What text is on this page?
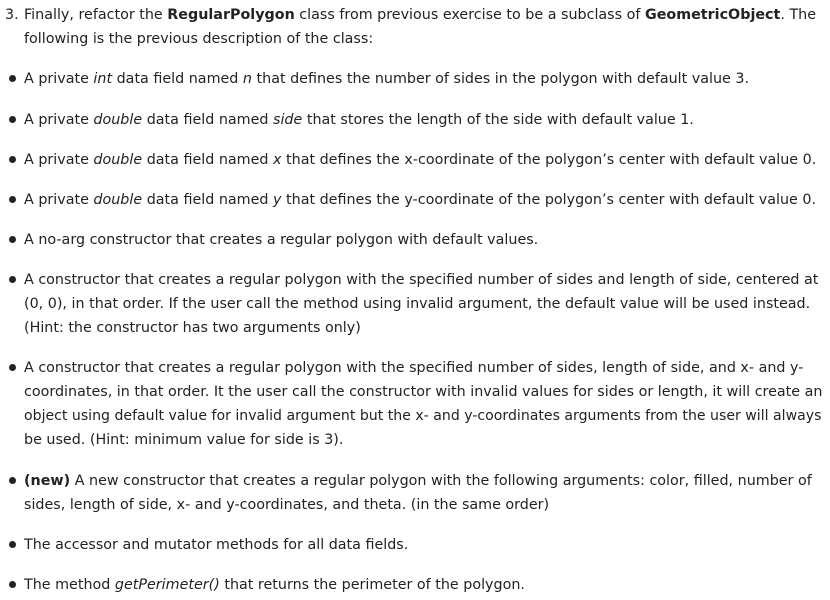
3. Finally, refactor the RegularPolygon class from previous exercise to be a subclass of GeometricObject. The
following is the previous description of the class:
A private int data field named n that defines the number of sides in the polygon with default value 3.
A private double data field named side that stores the length of the side with default value 1.
A private double data field named x that defines the x-coordinate of the polygon’s center with default value 0.
A private double data field named y that defines the y-coordinate of the polygon’s center with default value 0.
A no-arg constructor that creates a regular polygon with default values.
A constructor that creates a regular polygon with the specified number of sides and length of side, centered at
(0, 0), in that order. If the user call the method using invalid argument, the default value will be used instead.
(Hint: the constructor has two arguments only)
A constructor that creates a regular polygon with the specified number of sides, length of side, and x- and y-
coordinates, in that order. It the user call the constructor with invalid values for sides or length, it will create an
object using default value for invalid argument but the x- and y-coordinates arguments from the user will always
be used. (Hint: minimum value for side is 3).
(new) A new constructor that creates a regular polygon with the following arguments: color, filled, number of
sides, length of side, x- and y-coordinates, and theta. (in the same order)
The accessor and mutator methods for all data fields.
The method getPerimeter() that returns the perimeter of the polygon.
